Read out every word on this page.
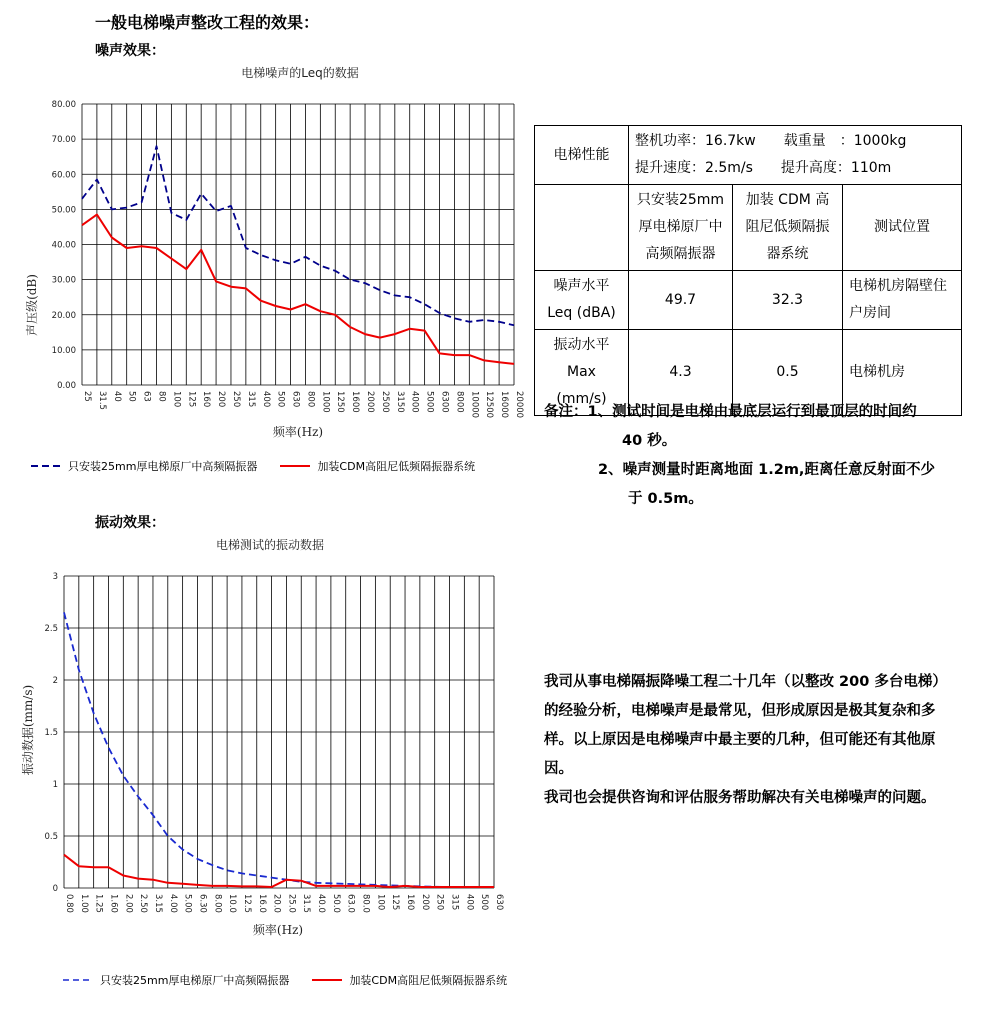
一般电梯噪声整改工程的效果：
噪声效果：
电梯噪声的Leq的数据
声压级(dB)
频率(Hz)
80.00
70.00
60.00
50.00
40.00
30.00
20.00
10.00
0.00
25 31.5 40 50 63 80 100 125 160 200 250 315 400 500 630 800 1000 1250 1600 2000 2500 3150 4000 5000 6300 8000 10000 12500 16000 20000
只安装25mm厚电梯原厂中高频隔振器	加装CDM高阻尼低频隔振器系统
电梯性能	整机功率：16.7kw　　载重量　：1000kg
提升速度：2.5m/s　　提升高度：110m		

	只安装25mm厚电梯原厂中高频隔振器	加装 CDM 高阻尼低频隔振器系统	测试位置
噪声水平 Leq (dBA)	49.7	32.3	电梯机房隔壁住户房间
振动水平 Max (mm/s)	4.3	0.5	电梯机房
备注：1、测试时间是电梯由最底层运行到最顶层的时间约
40 秒。
2、噪声测量时距离地面 1.2m,距离任意反射面不少
于 0.5m。
振动效果：
电梯测试的振动数据
振动数据(mm/s)
频率(Hz)
3
2.5
2
1.5
1
0.5
0
0.80 1.00 1.25 1.60 2.00 2.50 3.15 4.00 5.00 6.30 8.00 10.0 12.5 16.0 20.0 25.0 31.5 40.0 50.0 63.0 80.0 100 125 160 200 250 315 400 500 630
只安装25mm厚电梯原厂中高频隔振器	加装CDM高阻尼低频隔振器系统
我司从事电梯隔振降噪工程二十几年（以整改 200 多台电梯）的经验分析，电梯噪声是最常见，但形成原因是极其复杂和多样。以上原因是电梯噪声中最主要的几种，但可能还有其他原因。
我司也会提供咨询和评估服务帮助解决有关电梯噪声的问题。
